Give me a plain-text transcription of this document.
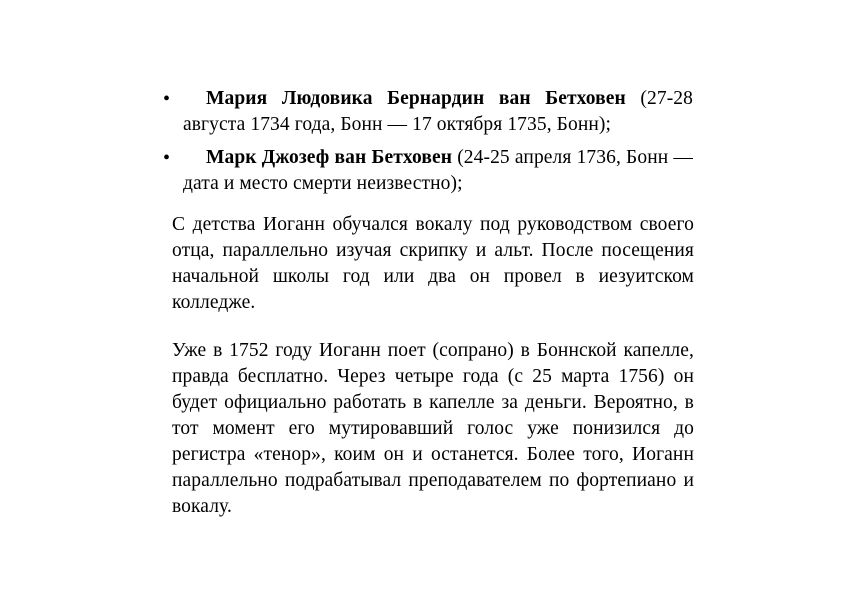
•	Мария Людовика Бернардин ван Бетховен (27-28 августа 1734 года, Бонн — 17 октября 1735, Бонн);
•	Марк Джозеф ван Бетховен (24-25 апреля 1736, Бонн — дата и место смерти неизвестно);

С детства Иоганн обучался вокалу под руководством своего отца, параллельно изучая скрипку и альт. После посещения начальной школы год или два он провел в иезуитском колледже.

Уже в 1752 году Иоганн поет (сопрано) в Боннской капелле, правда бесплатно. Через четыре года (с 25 марта 1756) он будет официально работать в капелле за деньги. Вероятно, в тот момент его мутировавший голос уже понизился до регистра «тенор», коим он и останется. Более того, Иоганн параллельно подрабатывал преподавателем по фортепиано и вокалу.
